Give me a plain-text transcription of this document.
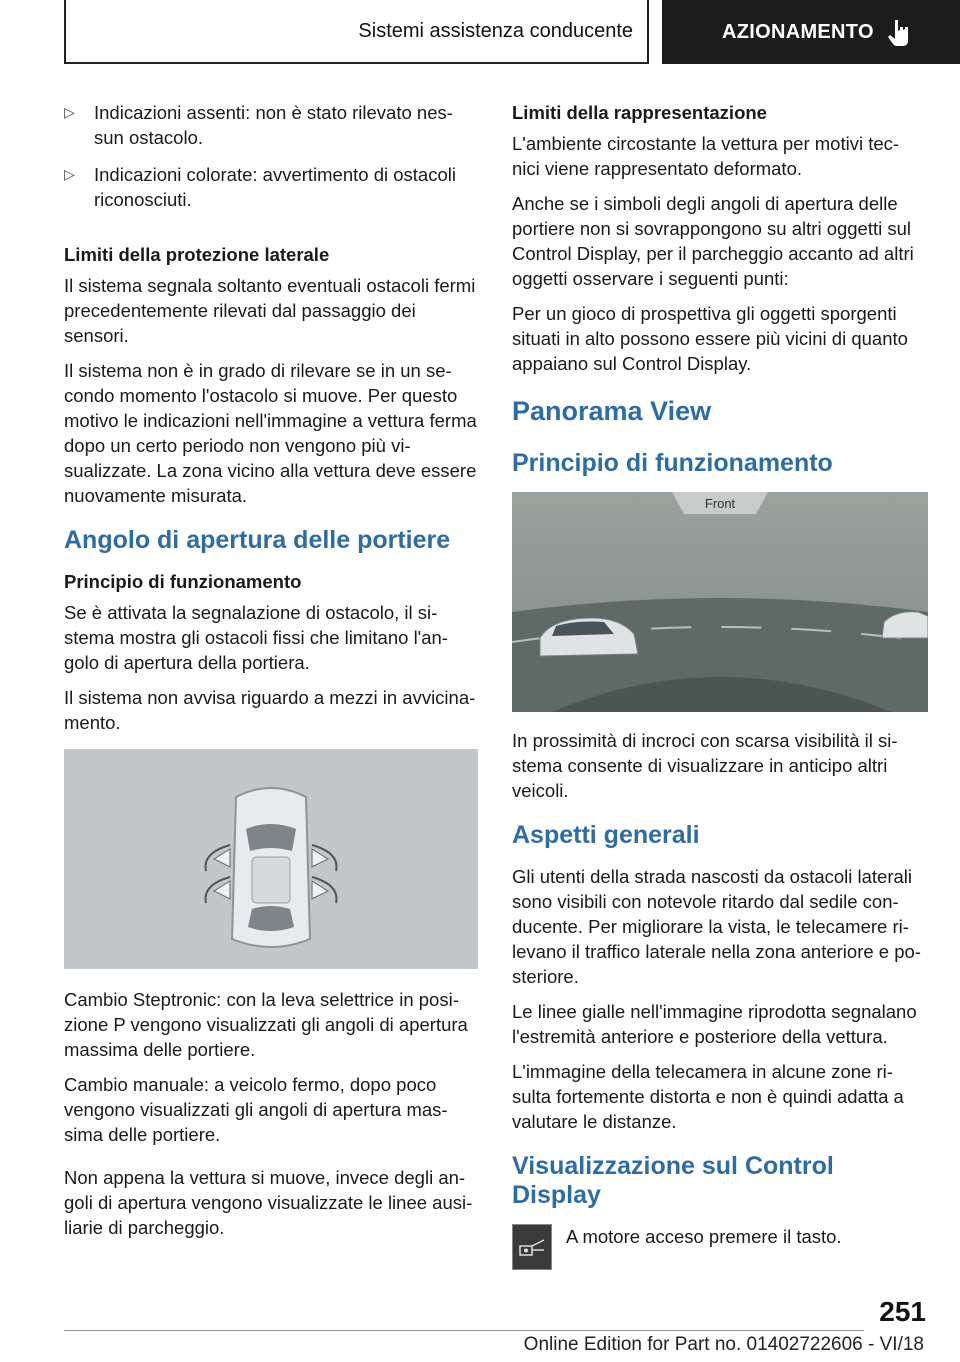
Sistemi assistenza conducente	AZIONAMENTO

▷ Indicazioni assenti: non è stato rilevato nes-sun ostacolo.

▷ Indicazioni colorate: avvertimento di ostacoli riconosciuti.

Limiti della protezione laterale

Il sistema segnala soltanto eventuali ostacoli fermi precedentemente rilevati dal passaggio dei sensori.

Il sistema non è in grado di rilevare se in un se-condo momento l'ostacolo si muove. Per questo motivo le indicazioni nell'immagine a vettura ferma dopo un certo periodo non vengono più vi-sualizzate. La zona vicino alla vettura deve essere nuovamente misurata.

Angolo di apertura delle portiere
Principio di funzionamento

Se è attivata la segnalazione di ostacolo, il si-stema mostra gli ostacoli fissi che limitano l'an-golo di apertura della portiera.

Il sistema non avvisa riguardo a mezzi in avvicina-mento.

Cambio Steptronic: con la leva selettrice in posi-zione P vengono visualizzati gli angoli di apertura massima delle portiere.

Cambio manuale: a veicolo fermo, dopo poco vengono visualizzati gli angoli di apertura mas-sima delle portiere.

Non appena la vettura si muove, invece degli an-goli di apertura vengono visualizzate le linee ausi-liarie di parcheggio.

Limiti della rappresentazione

L'ambiente circostante la vettura per motivi tec-nici viene rappresentato deformato.

Anche se i simboli degli angoli di apertura delle portiere non si sovrappongono su altri oggetti sul Control Display, per il parcheggio accanto ad altri oggetti osservare i seguenti punti:

Per un gioco di prospettiva gli oggetti sporgenti situati in alto possono essere più vicini di quanto appaiano sul Control Display.

Panorama View
Principio di funzionamento
Front

In prossimità di incroci con scarsa visibilità il si-stema consente di visualizzare in anticipo altri veicoli.

Aspetti generali

Gli utenti della strada nascosti da ostacoli laterali sono visibili con notevole ritardo dal sedile con-ducente. Per migliorare la vista, le telecamere ri-levano il traffico laterale nella zona anteriore e po-steriore.

Le linee gialle nell'immagine riprodotta segnalano l'estremità anteriore e posteriore della vettura.

L'immagine della telecamera in alcune zone ri-sulta fortemente distorta e non è quindi adatta a valutare le distanze.

Visualizzazione sul Control Display

A motore acceso premere il tasto.

251
Online Edition for Part no. 01402722606 - VI/18
